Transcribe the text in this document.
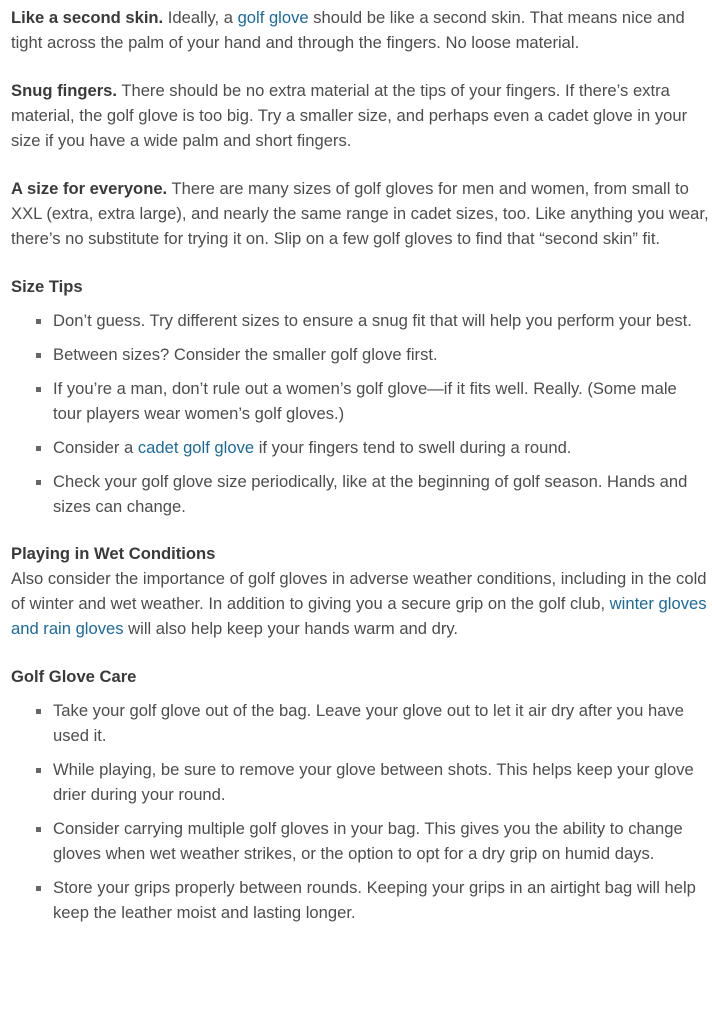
Like a second skin. Ideally, a golf glove should be like a second skin. That means nice and tight across the palm of your hand and through the fingers. No loose material.

Snug fingers. There should be no extra material at the tips of your fingers. If there’s extra material, the golf glove is too big. Try a smaller size, and perhaps even a cadet glove in your size if you have a wide palm and short fingers.

A size for everyone. There are many sizes of golf gloves for men and women, from small to XXL (extra, extra large), and nearly the same range in cadet sizes, too. Like anything you wear, there’s no substitute for trying it on. Slip on a few golf gloves to find that “second skin” fit.

Size Tips
Don’t guess. Try different sizes to ensure a snug fit that will help you perform your best.
Between sizes? Consider the smaller golf glove first.
If you’re a man, don’t rule out a women’s golf glove—if it fits well. Really. (Some male tour players wear women’s golf gloves.)
Consider a cadet golf glove if your fingers tend to swell during a round.
Check your golf glove size periodically, like at the beginning of golf season. Hands and sizes can change.
Playing in Wet Conditions

Also consider the importance of golf gloves in adverse weather conditions, including in the cold of winter and wet weather. In addition to giving you a secure grip on the golf club, winter gloves and rain gloves will also help keep your hands warm and dry.

Golf Glove Care
Take your golf glove out of the bag. Leave your glove out to let it air dry after you have used it.
While playing, be sure to remove your glove between shots. This helps keep your glove drier during your round.
Consider carrying multiple golf gloves in your bag. This gives you the ability to change gloves when wet weather strikes, or the option to opt for a dry grip on humid days.
Store your grips properly between rounds. Keeping your grips in an airtight bag will help keep the leather moist and lasting longer.
